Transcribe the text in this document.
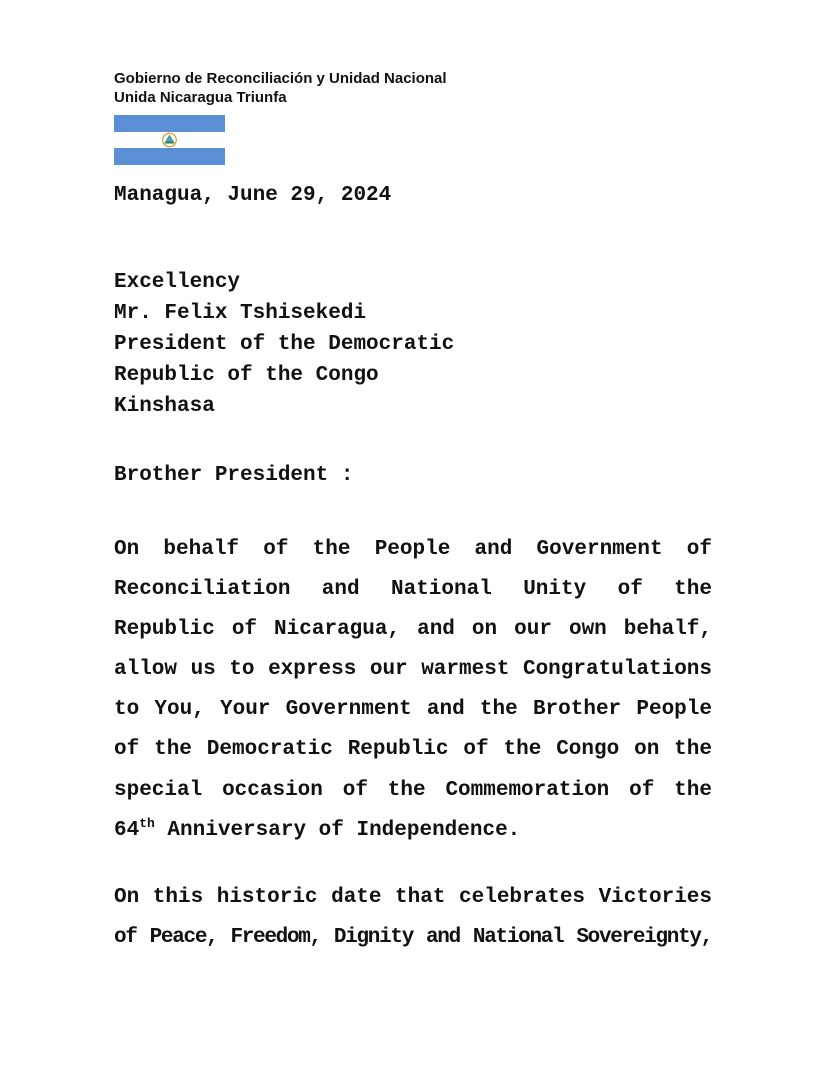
Gobierno de Reconciliación y Unidad Nacional
Unida Nicaragua Triunfa
Managua, June 29, 2024
Excellency
Mr. Felix Tshisekedi
President of the Democratic
Republic of the Congo
Kinshasa
Brother President :
On behalf of the People and Government of
Reconciliation and National Unity of the
Republic of Nicaragua, and on our own behalf,
allow us to express our warmest Congratulations
to You, Your Government and the Brother People
of the Democratic Republic of the Congo on the
special occasion of the Commemoration of the
64th Anniversary of Independence.
On this historic date that celebrates Victories
of Peace, Freedom, Dignity and National Sovereignty,
